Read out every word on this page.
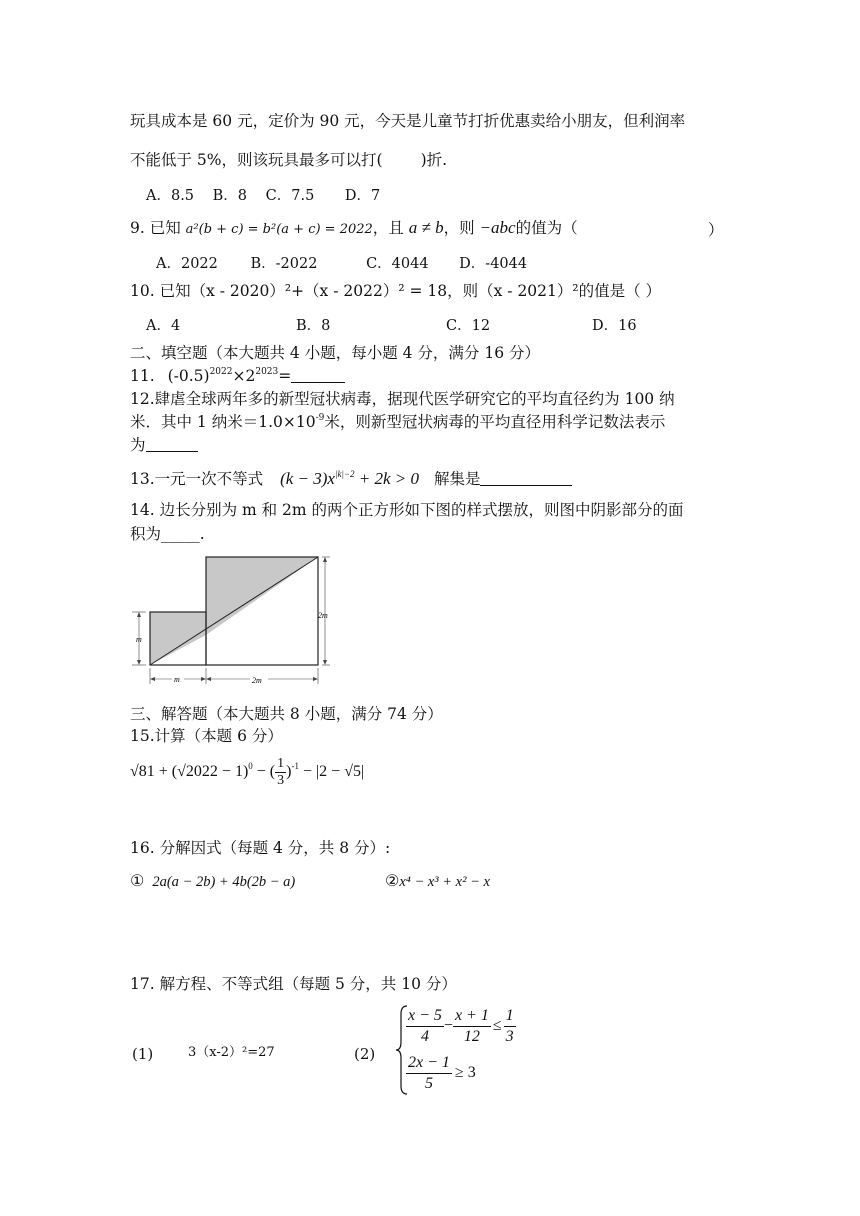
玩具成本是 60 元，定价为 90 元，今天是儿童节打折优惠卖给小朋友，但利润率
不能低于 5%，则该玩具最多可以打( )折.
A．8.5 B．8 C．7.5 D．7
9. 已知 a²(b + c) = b²(a + c) = 2022，且 a ≠ b，则 −abc的值为（	）
A．2022 B．-2022	C．4044 D．-4044
10. 已知（x - 2020）²+（x - 2022）² = 18，则（x - 2021）²的值是（ ）
A．4	B．8	C．12	D．16
二、填空题（本大题共 4 小题，每小题 4 分，满分 16 分）
11. $(-0.5)^{2022}\times 2^{2023}=$
12.肆虐全球两年多的新型冠状病毒，据现代医学研究它的平均直径约为 100 纳
米．其中 1 纳米$=1.0\times 10^{-9}$米，则新型冠状病毒的平均直径用科学记数法表示
为
13.一元一次不等式 $(k - 3)x^{|k|-2} + 2k > 0$ 解集是
14. 边长分别为 m 和 2m 的两个正方形如下图的样式摆放，则图中阴影部分的面
积为_____.
m
2m
m	2m
三、解答题（本大题共 8 小题，满分 74 分）
15.计算（本题 6 分）
$√81 + (√2022 - 1)^0$ − ( $\frac{1}{3} )^{-1} - |2 - √5|$
16. 分解因式（每题 4 分，共 8 分）:
① 2a(a − 2b) + 4b(2b − a)	②x⁴ − x³ + x² − x
17. 解方程、不等式组（每题 5 分，共 10 分）
(1)	3（x-2）²=27	(2)
$\frac{x - 5}{4} - \frac{x + 1}{12} \le \frac{1}{3}$
$\frac{2x - 1}{5} \ge 3$
